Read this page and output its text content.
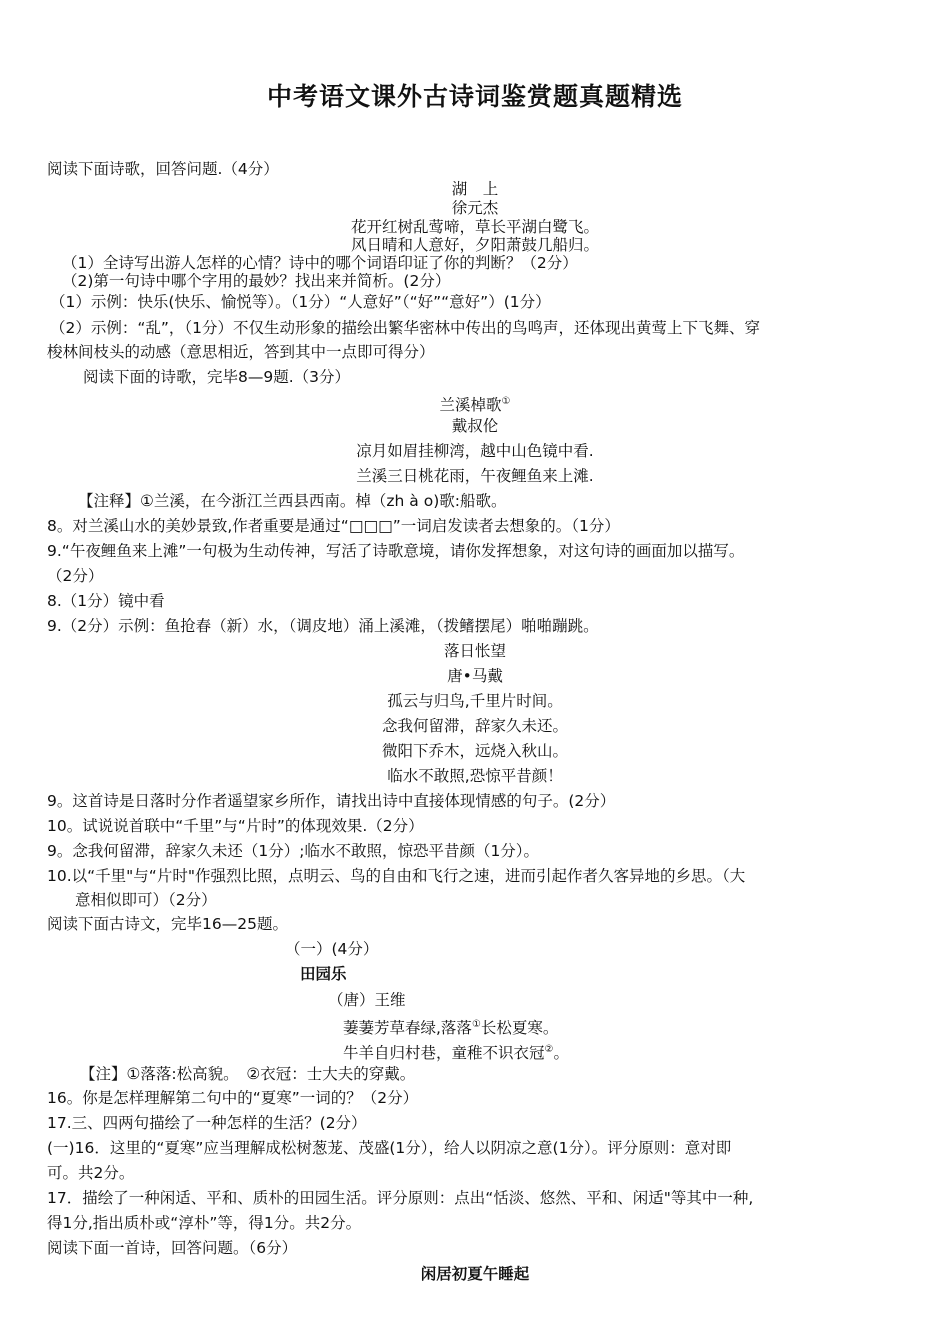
中考语文课外古诗词鉴赏题真题精选
阅读下面诗歌，回答问题.（4分）
湖　上
徐元杰
花开红树乱莺啼，草长平湖白鹭飞。
风日晴和人意好，夕阳萧鼓几船归。
（1）全诗写出游人怎样的心情？诗中的哪个词语印证了你的判断？（2分）
（2)第一句诗中哪个字用的最妙？找出来并简析。(2分）
（1）示例：快乐(快乐、愉悦等）。（1分）“人意好”（“好”“意好”）(1分）
（2）示例：“乱”，（1分）不仅生动形象的描绘出繁华密林中传出的鸟鸣声，还体现出黄莺上下飞舞、穿
梭林间枝头的动感（意思相近，答到其中一点即可得分）
阅读下面的诗歌，完毕8—9题.（3分）
兰溪棹歌①
戴叔伦
凉月如眉挂柳湾，越中山色镜中看.
兰溪三日桃花雨，午夜鲤鱼来上滩.
【注释】①兰溪，在今浙江兰西县西南。棹（zh à o)歌:船歌。
8。对兰溪山水的美妙景致,作者重要是通过“□□□”一词启发读者去想象的。（1分）
9.“午夜鲤鱼来上滩”一句极为生动传神，写活了诗歌意境，请你发挥想象，对这句诗的画面加以描写。
（2分）
8.（1分）镜中看
9.（2分）示例：鱼抢春（新）水，（调皮地）涌上溪滩，（拨鳍摆尾）啪啪蹦跳。
落日怅望
唐•马戴
孤云与归鸟,千里片时间。
念我何留滞，辞家久未还。
微阳下乔木，远烧入秋山。
临水不敢照,恐惊平昔颜！
9。这首诗是日落时分作者遥望家乡所作，请找出诗中直接体现情感的句子。(2分）
10。试说说首联中“千里”与“片时”的体现效果.（2分）
9。念我何留滞，辞家久未还（1分）;临水不敢照，惊恐平昔颜（1分）。
10.以“千里"与“片时"作强烈比照，点明云、鸟的自由和飞行之速，进而引起作者久客异地的乡思。（大
意相似即可）（2分）
阅读下面古诗文，完毕16—25题。
（一）(4分）
田园乐
（唐）王维
萋萋芳草春绿,落落①长松夏寒。
牛羊自归村巷，童稚不识衣冠②。
【注】①落落:松高貌。　②衣冠：士大夫的穿戴。
16。你是怎样理解第二句中的“夏寒”一词的？（2分）
17.三、四两句描绘了一种怎样的生活？(2分）
(一)16．这里的“夏寒”应当理解成松树葱茏、茂盛(1分），给人以阴凉之意(1分）。评分原则：意对即
可。共2分。
17．描绘了一种闲适、平和、质朴的田园生活。评分原则：点出“恬淡、悠然、平和、闲适"等其中一种,
得1分,指出质朴或“淳朴”等，得1分。共2分。
阅读下面一首诗，回答问题。（6分）
闲居初夏午睡起
